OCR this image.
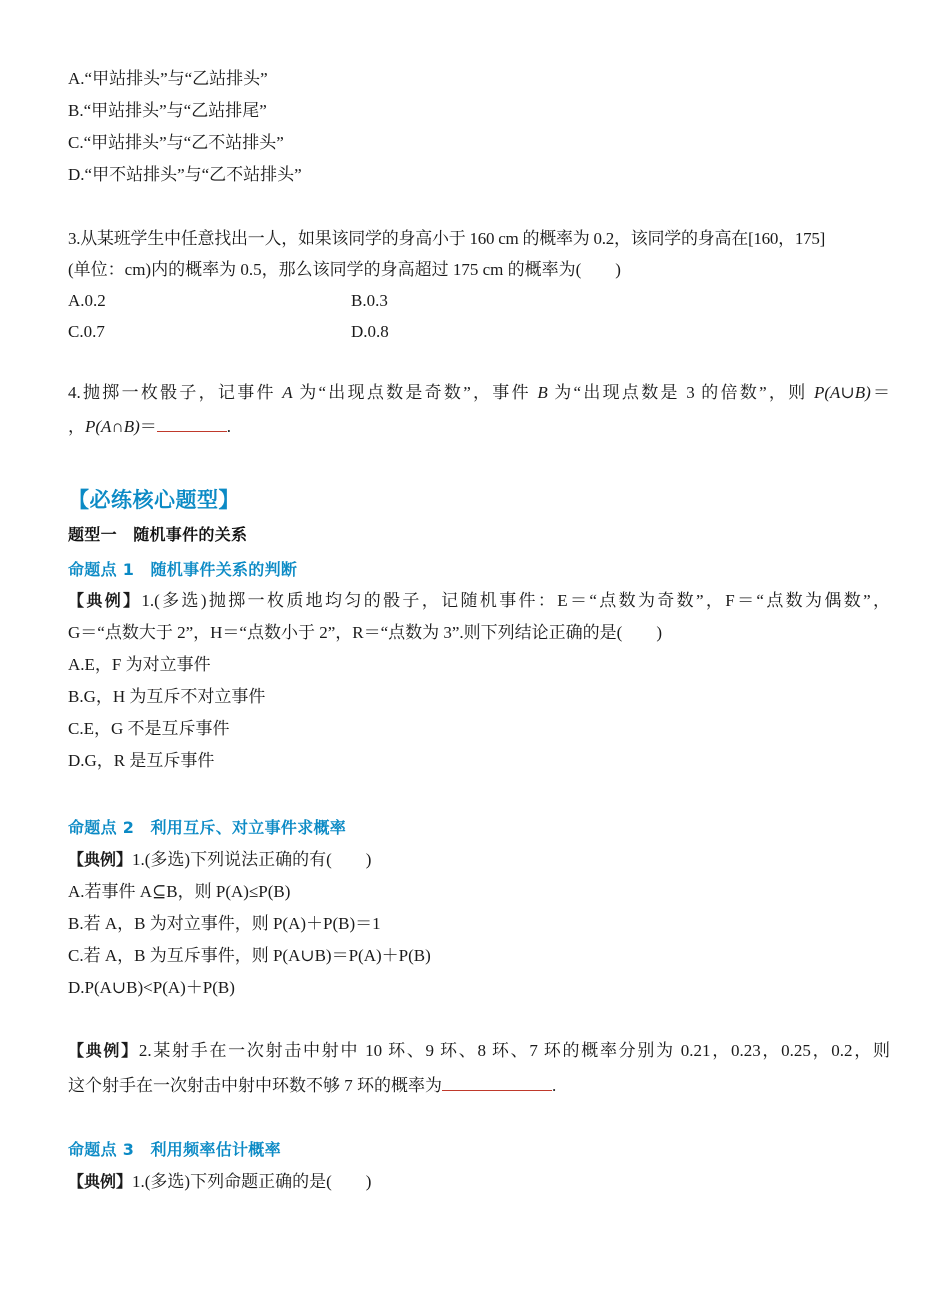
A.“甲站排头”与“乙站排头”
B.“甲站排头”与“乙站排尾”
C.“甲站排头”与“乙不站排头”
D.“甲不站排头”与“乙不站排头”
3.从某班学生中任意找出一人，如果该同学的身高小于 160 cm 的概率为 0.2，该同学的身高在[160，175]
(单位：cm)内的概率为 0.5，那么该同学的身高超过 175 cm 的概率为(　　)
A.0.2	B.0.3
C.0.7	D.0.8
4.抛掷一枚骰子，记事件 A 为“出现点数是奇数”，事件 B 为“出现点数是 3 的倍数”，则 P(A∪B)＝
，P(A∩B)＝	.
【必练核心题型】
题型一　随机事件的关系
命题点 1　随机事件关系的判断
【典例】1.(多选)抛掷一枚质地均匀的骰子，记随机事件：E＝“点数为奇数”，F＝“点数为偶数”，
G＝“点数大于 2”，H＝“点数小于 2”，R＝“点数为 3”.则下列结论正确的是(　　)
A.E，F 为对立事件
B.G，H 为互斥不对立事件
C.E，G 不是互斥事件
D.G，R 是互斥事件
命题点 2　利用互斥、对立事件求概率
【典例】1.(多选)下列说法正确的有(　　)
A.若事件 A⊆B，则 P(A)≤P(B)
B.若 A，B 为对立事件，则 P(A)＋P(B)＝1
C.若 A，B 为互斥事件，则 P(A∪B)＝P(A)＋P(B)
D.P(A∪B)<P(A)＋P(B)
【典例】2.某射手在一次射击中射中 10 环、9 环、8 环、7 环的概率分别为 0.21，0.23，0.25，0.2，则
这个射手在一次射击中射中环数不够 7 环的概率为	.
命题点 3　利用频率估计概率
【典例】1.(多选)下列命题正确的是(　　)
